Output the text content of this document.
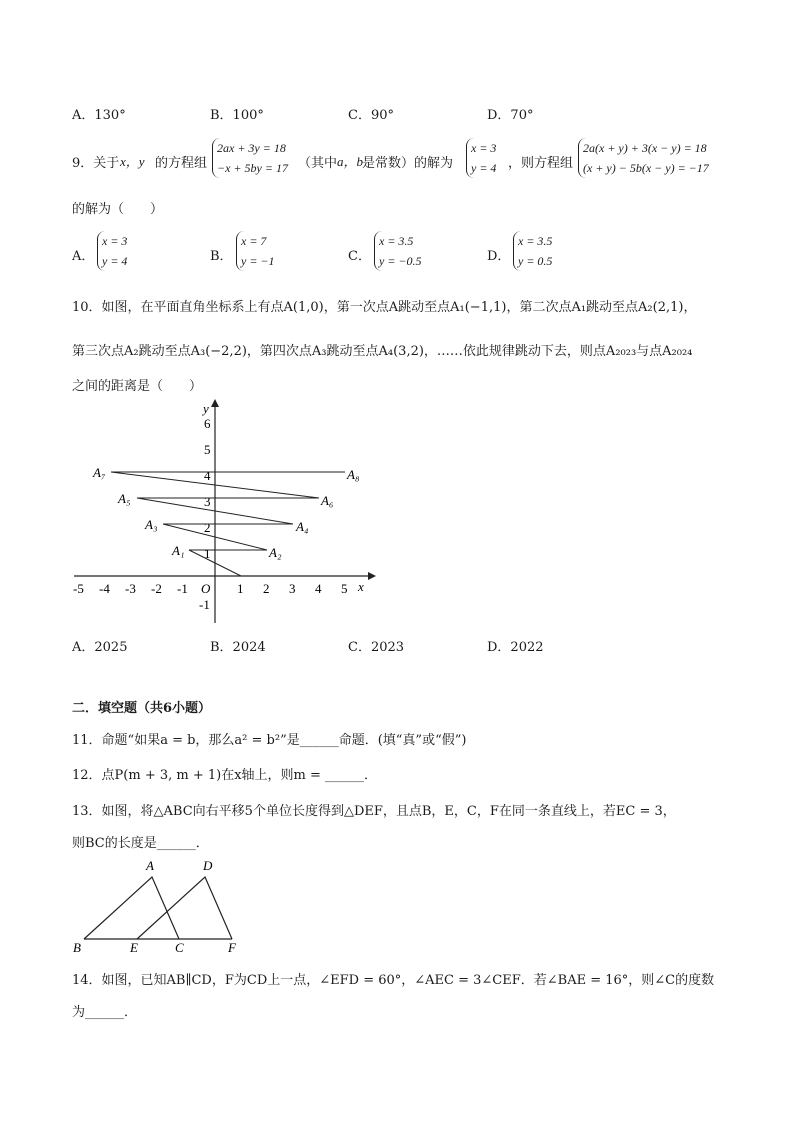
A．130°	B．100°	C．90°	D．70°
9．关于 x，y 的方程组
2ax + 3y = 18
−x + 5by = 17 （其中 a，b
是常数）的解为
x = 3
y = 4 ，则方程组
2a(x + y) + 3(x − y) = 18
(x + y) − 5b(x − y) = −17
的解为（　　）
A．
x = 3
y = 4	B．
x = 7
y = −1	C．
x = 3.5
y = −0.5	D．
x = 3.5
y = 0.5
10．如图，在平面直角坐标系上有点A(1,0)，第一次点A跳动至点A₁(−1,1)，第二次点A₁跳动至点A₂(2,1)，
第三次点A₂跳动至点A₃(−2,2)，第四次点A₃跳动至点A₄(3,2)，……依此规律跳动下去，则点A₂₀₂₃与点A₂₀₂₄
之间的距离是（　　）
y
x
O
6
5
4
3
2
1
-1
-5 -4 -3 -2 -1	1 2 3 4 5
A₇
A₅
A₃
A₁
A₈
A₆
A₄
A₂
A．2025	B．2024	C．2023	D．2022
二．填空题（共6小题）
11．命题“如果a = b，那么a² = b²”是______命题．(填“真”或“假”)
12．点P(m + 3, m + 1)在x轴上，则m = ______．
13．如图，将△ABC向右平移5个单位长度得到△DEF，且点B，E，C，F在同一条直线上，若EC = 3，
则BC的长度是______．
A	D
B	E	C	F
14．如图，已知AB∥CD，F为CD上一点，∠EFD = 60°，∠AEC = 3∠CEF．若∠BAE = 16°，则∠C的度数
为______．
